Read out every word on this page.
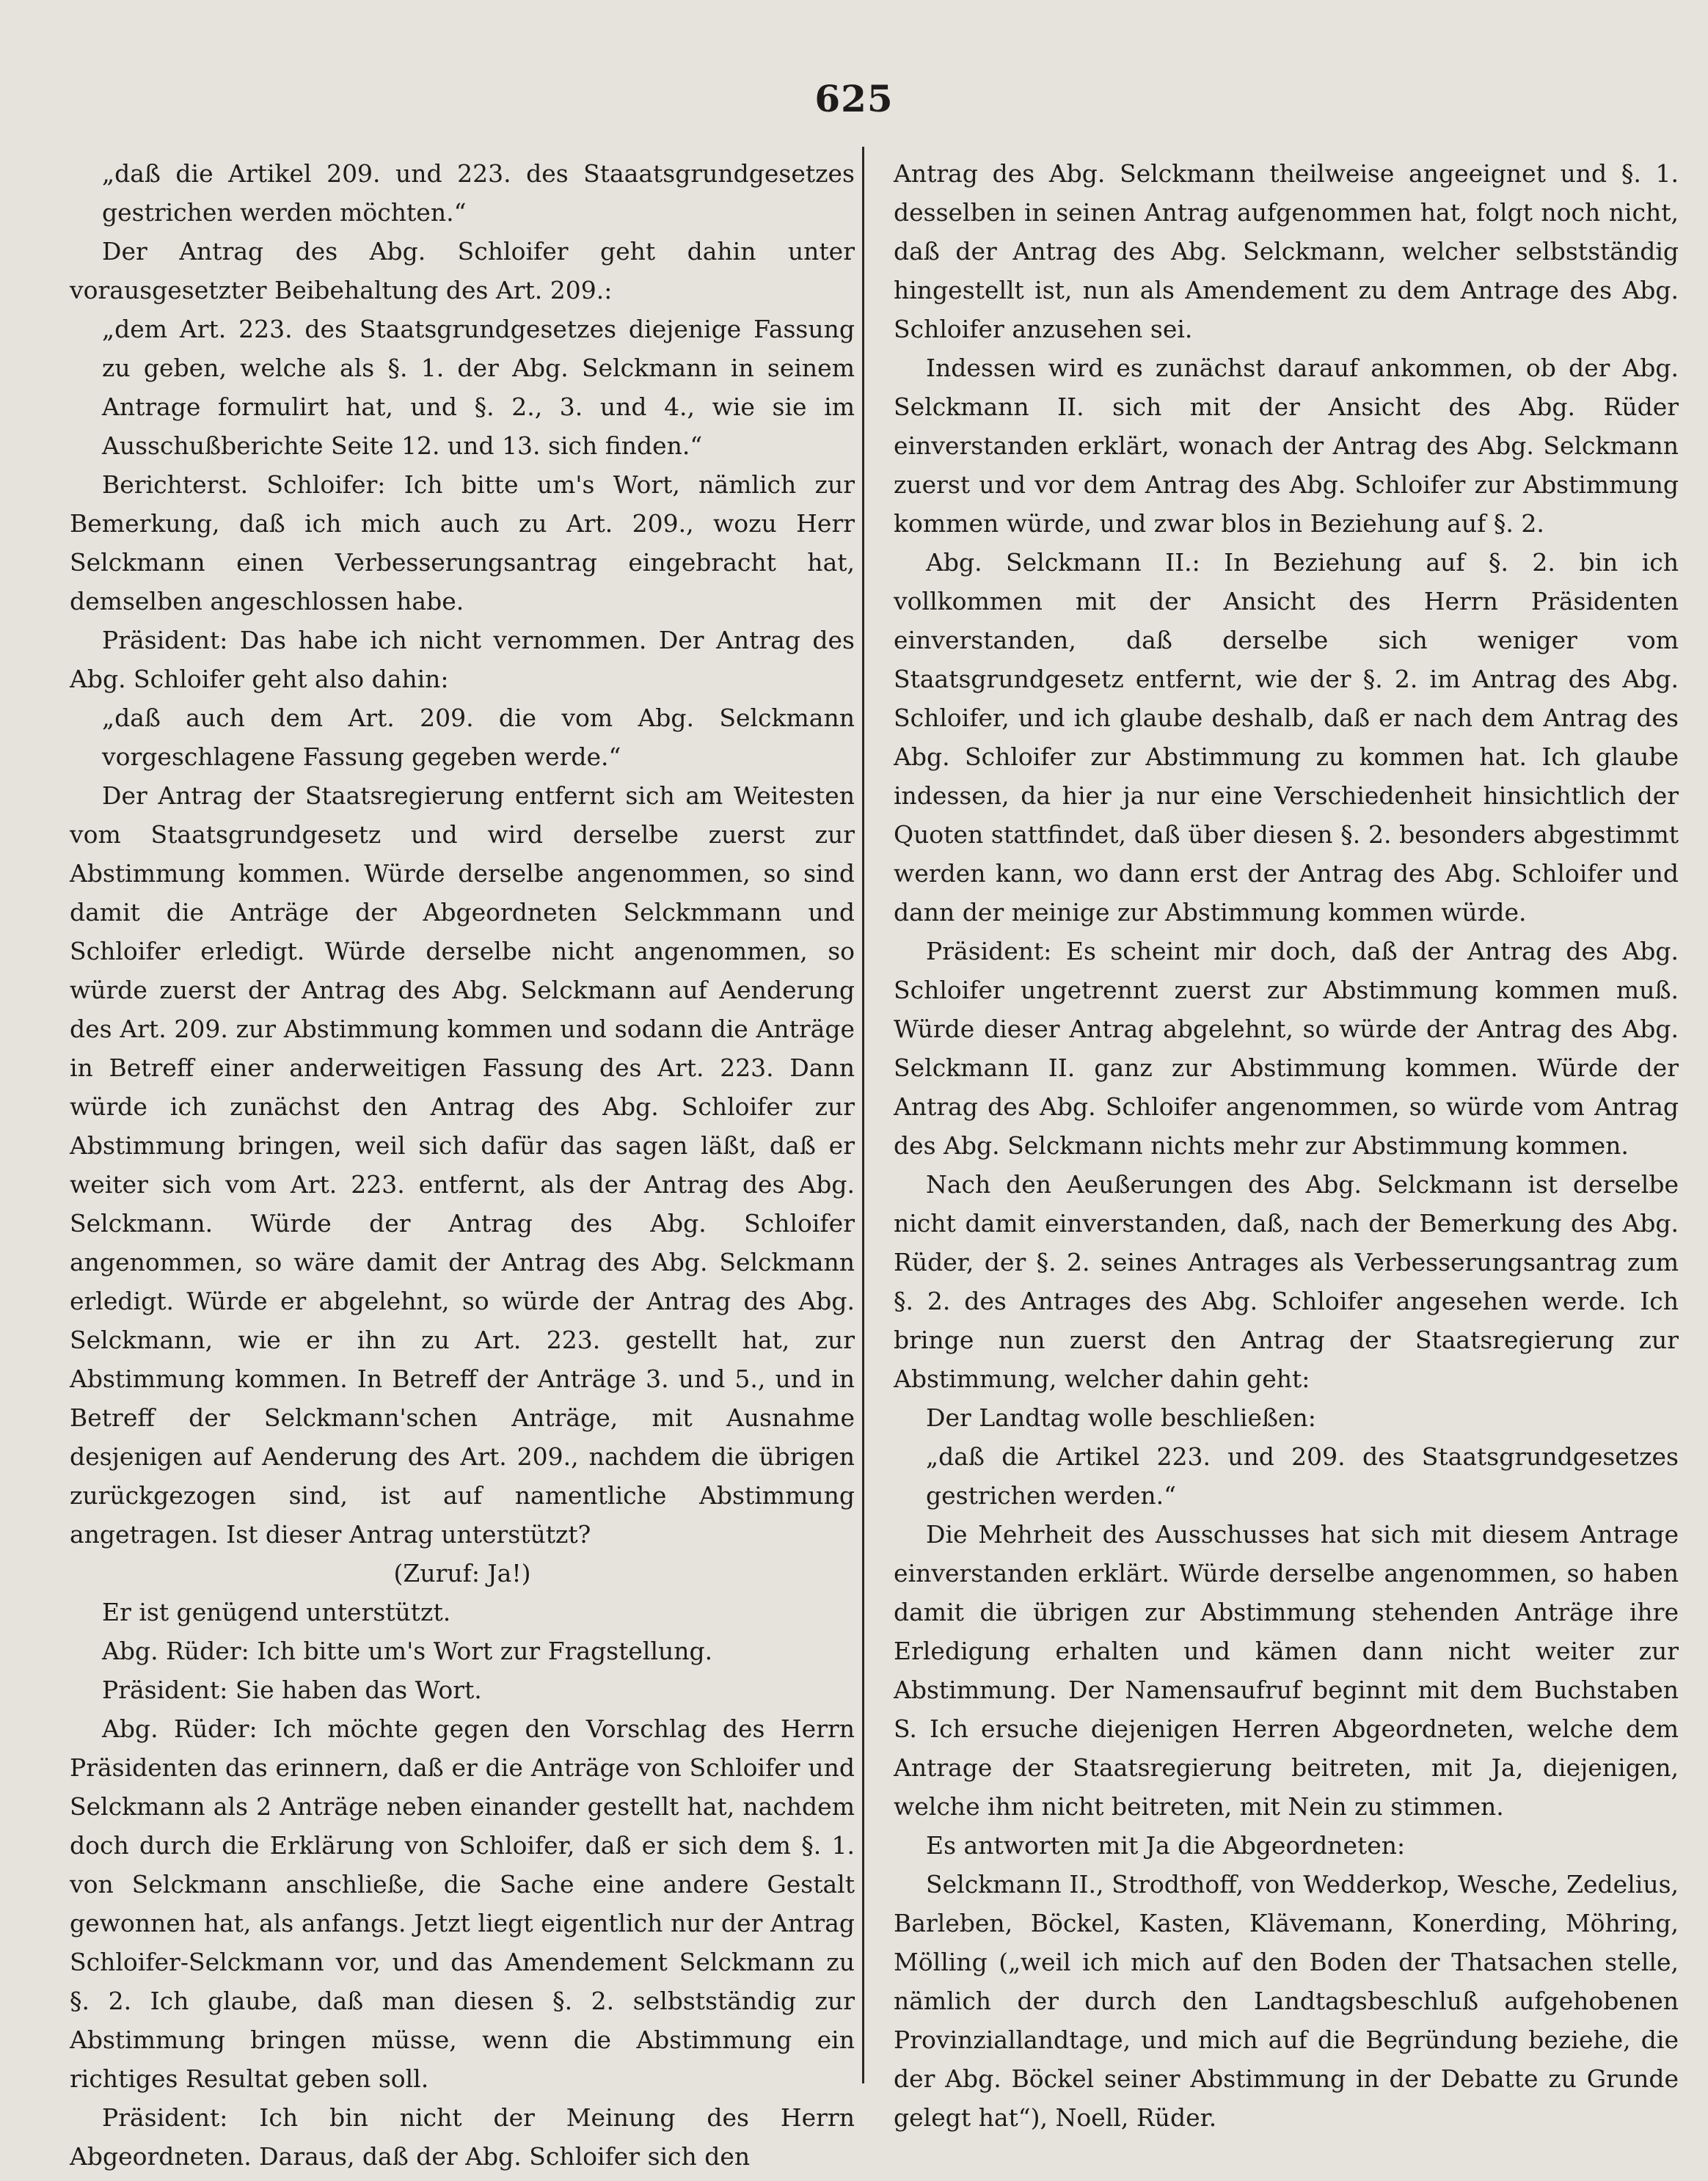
625

„daß die Artikel 209. und 223. des Staaatsgrundgesetzes gestrichen werden möchten.“

Der Antrag des Abg. Schloifer geht dahin unter vorausgesetzter Beibehaltung des Art. 209.:

„dem Art. 223. des Staatsgrundgesetzes diejenige Fassung zu geben, welche als §. 1. der Abg. Selckmann in seinem Antrage formulirt hat, und §. 2., 3. und 4., wie sie im Ausschußberichte Seite 12. und 13. sich finden.“

Berichterst. Schloifer: Ich bitte um's Wort, nämlich zur Bemerkung, daß ich mich auch zu Art. 209., wozu Herr Selckmann einen Verbesserungsantrag eingebracht hat, demselben angeschlossen habe.

Präsident: Das habe ich nicht vernommen. Der Antrag des Abg. Schloifer geht also dahin:

„daß auch dem Art. 209. die vom Abg. Selckmann vorgeschlagene Fassung gegeben werde.“

Der Antrag der Staatsregierung entfernt sich am Weitesten vom Staatsgrundgesetz und wird derselbe zuerst zur Abstimmung kommen. Würde derselbe angenommen, so sind damit die Anträge der Abgeordneten Selckmmann und Schloifer erledigt. Würde derselbe nicht angenommen, so würde zuerst der Antrag des Abg. Selckmann auf Aenderung des Art. 209. zur Abstimmung kommen und sodann die Anträge in Betreff einer anderweitigen Fassung des Art. 223. Dann würde ich zunächst den Antrag des Abg. Schloifer zur Abstimmung bringen, weil sich dafür das sagen läßt, daß er weiter sich vom Art. 223. entfernt, als der Antrag des Abg. Selckmann. Würde der Antrag des Abg. Schloifer angenommen, so wäre damit der Antrag des Abg. Selckmann erledigt. Würde er abgelehnt, so würde der Antrag des Abg. Selckmann, wie er ihn zu Art. 223. gestellt hat, zur Abstimmung kommen. In Betreff der Anträge 3. und 5., und in Betreff der Selckmann'schen Anträge, mit Ausnahme desjenigen auf Aenderung des Art. 209., nachdem die übrigen zurückgezogen sind, ist auf namentliche Abstimmung angetragen. Ist dieser Antrag unterstützt?

(Zuruf: Ja!)

Er ist genügend unterstützt.

Abg. Rüder: Ich bitte um's Wort zur Fragstellung.

Präsident: Sie haben das Wort.

Abg. Rüder: Ich möchte gegen den Vorschlag des Herrn Präsidenten das erinnern, daß er die Anträge von Schloifer und Selckmann als 2 Anträge neben einander gestellt hat, nachdem doch durch die Erklärung von Schloifer, daß er sich dem §. 1. von Selckmann anschließe, die Sache eine andere Gestalt gewonnen hat, als anfangs. Jetzt liegt eigentlich nur der Antrag Schloifer-Selckmann vor, und das Amendement Selckmann zu §. 2. Ich glaube, daß man diesen §. 2. selbstständig zur Abstimmung bringen müsse, wenn die Abstimmung ein richtiges Resultat geben soll.

Präsident: Ich bin nicht der Meinung des Herrn Abgeordneten. Daraus, daß der Abg. Schloifer sich den

Antrag des Abg. Selckmann theilweise angeeignet und §. 1. desselben in seinen Antrag aufgenommen hat, folgt noch nicht, daß der Antrag des Abg. Selckmann, welcher selbstständig hingestellt ist, nun als Amendement zu dem Antrage des Abg. Schloifer anzusehen sei.

Indessen wird es zunächst darauf ankommen, ob der Abg. Selckmann II. sich mit der Ansicht des Abg. Rüder einverstanden erklärt, wonach der Antrag des Abg. Selckmann zuerst und vor dem Antrag des Abg. Schloifer zur Abstimmung kommen würde, und zwar blos in Beziehung auf §. 2.

Abg. Selckmann II.: In Beziehung auf §. 2. bin ich vollkommen mit der Ansicht des Herrn Präsidenten einverstanden, daß derselbe sich weniger vom Staatsgrundgesetz entfernt, wie der §. 2. im Antrag des Abg. Schloifer, und ich glaube deshalb, daß er nach dem Antrag des Abg. Schloifer zur Abstimmung zu kommen hat. Ich glaube indessen, da hier ja nur eine Verschiedenheit hinsichtlich der Quoten stattfindet, daß über diesen §. 2. besonders abgestimmt werden kann, wo dann erst der Antrag des Abg. Schloifer und dann der meinige zur Abstimmung kommen würde.

Präsident: Es scheint mir doch, daß der Antrag des Abg. Schloifer ungetrennt zuerst zur Abstimmung kommen muß. Würde dieser Antrag abgelehnt, so würde der Antrag des Abg. Selckmann II. ganz zur Abstimmung kommen. Würde der Antrag des Abg. Schloifer angenommen, so würde vom Antrag des Abg. Selckmann nichts mehr zur Abstimmung kommen.

Nach den Aeußerungen des Abg. Selckmann ist derselbe nicht damit einverstanden, daß, nach der Bemerkung des Abg. Rüder, der §. 2. seines Antrages als Verbesserungsantrag zum §. 2. des Antrages des Abg. Schloifer angesehen werde. Ich bringe nun zuerst den Antrag der Staatsregierung zur Abstimmung, welcher dahin geht:

Der Landtag wolle beschließen:

„daß die Artikel 223. und 209. des Staatsgrundgesetzes gestrichen werden.“

Die Mehrheit des Ausschusses hat sich mit diesem Antrage einverstanden erklärt. Würde derselbe angenommen, so haben damit die übrigen zur Abstimmung stehenden Anträge ihre Erledigung erhalten und kämen dann nicht weiter zur Abstimmung. Der Namensaufruf beginnt mit dem Buchstaben S. Ich ersuche diejenigen Herren Abgeordneten, welche dem Antrage der Staatsregierung beitreten, mit Ja, diejenigen, welche ihm nicht beitreten, mit Nein zu stimmen.

Es antworten mit Ja die Abgeordneten:

Selckmann II., Strodthoff, von Wedderkop, Wesche, Zedelius, Barleben, Böckel, Kasten, Klävemann, Konerding, Möhring, Mölling („weil ich mich auf den Boden der Thatsachen stelle, nämlich der durch den Landtagsbeschluß aufgehobenen Provinziallandtage, und mich auf die Begründung beziehe, die der Abg. Böckel seiner Abstimmung in der Debatte zu Grunde gelegt hat“), Noell, Rüder.
